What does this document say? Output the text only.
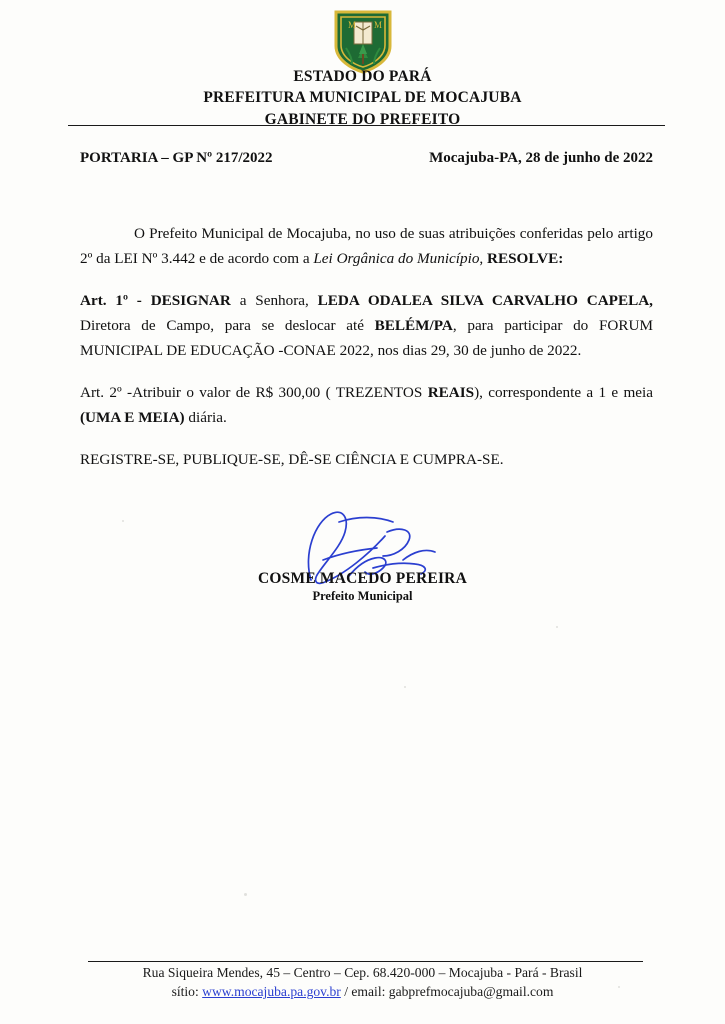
M M
ESTADO DO PARÁ
PREFEITURA MUNICIPAL DE MOCAJUBA
GABINETE DO PREFEITO
PORTARIA – GP Nº 217/2022	Mocajuba-PA, 28 de junho de 2022

O Prefeito Municipal de Mocajuba, no uso de suas atribuições conferidas pelo artigo 2º da LEI Nº 3.442 e de acordo com a Lei Orgânica do Município, RESOLVE:

Art. 1º - DESIGNAR a Senhora, LEDA ODALEA SILVA CARVALHO CAPELA, Diretora de Campo, para se deslocar até BELÉM/PA, para participar do FORUM MUNICIPAL DE EDUCAÇÃO -CONAE 2022, nos dias 29, 30 de junho de 2022.

Art. 2º -Atribuir o valor de R$ 300,00 ( TREZENTOS REAIS), correspondente a 1 e meia (UMA E MEIA) diária.

REGISTRE-SE, PUBLIQUE-SE, DÊ-SE CIÊNCIA E CUMPRA-SE.

COSME MACEDO PEREIRA
Prefeito Municipal
Rua Siqueira Mendes, 45 – Centro – Cep. 68.420-000 – Mocajuba - Pará - Brasil
sítio: www.mocajuba.pa.gov.br / email: gabprefmocajuba@gmail.com
